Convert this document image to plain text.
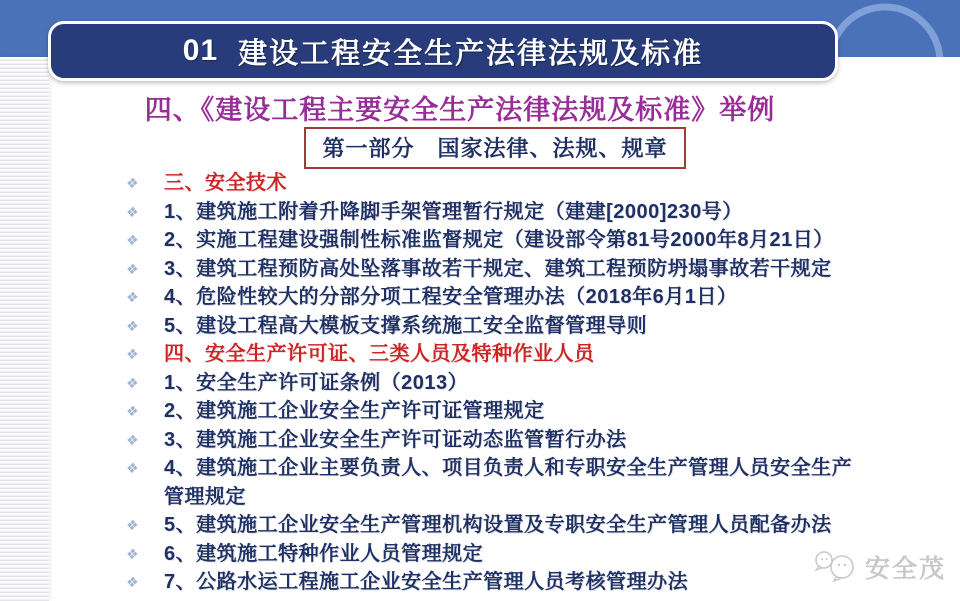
01 建设工程安全生产法律法规及标准
四、《建设工程主要安全生产法律法规及标准》举例
第一部分　国家法律、法规、规章
❖	三、安全技术
❖	1、建筑施工附着升降脚手架管理暂行规定（建建[2000]230号）
❖	2、实施工程建设强制性标准监督规定（建设部令第81号2000年8月21日）
❖	3、建筑工程预防高处坠落事故若干规定、建筑工程预防坍塌事故若干规定
❖	4、危险性较大的分部分项工程安全管理办法（2018年6月1日）
❖	5、建设工程高大模板支撑系统施工安全监督管理导则
❖	四、安全生产许可证、三类人员及特种作业人员
❖	1、安全生产许可证条例（2013）
❖	2、建筑施工企业安全生产许可证管理规定
❖	3、建筑施工企业安全生产许可证动态监管暂行办法
❖	4、建筑施工企业主要负责人、项目负责人和专职安全生产管理人员安全生产管理规定
❖	5、建筑施工企业安全生产管理机构设置及专职安全生产管理人员配备办法
❖	6、建筑施工特种作业人员管理规定
❖	7、公路水运工程施工企业安全生产管理人员考核管理办法	安全茂
